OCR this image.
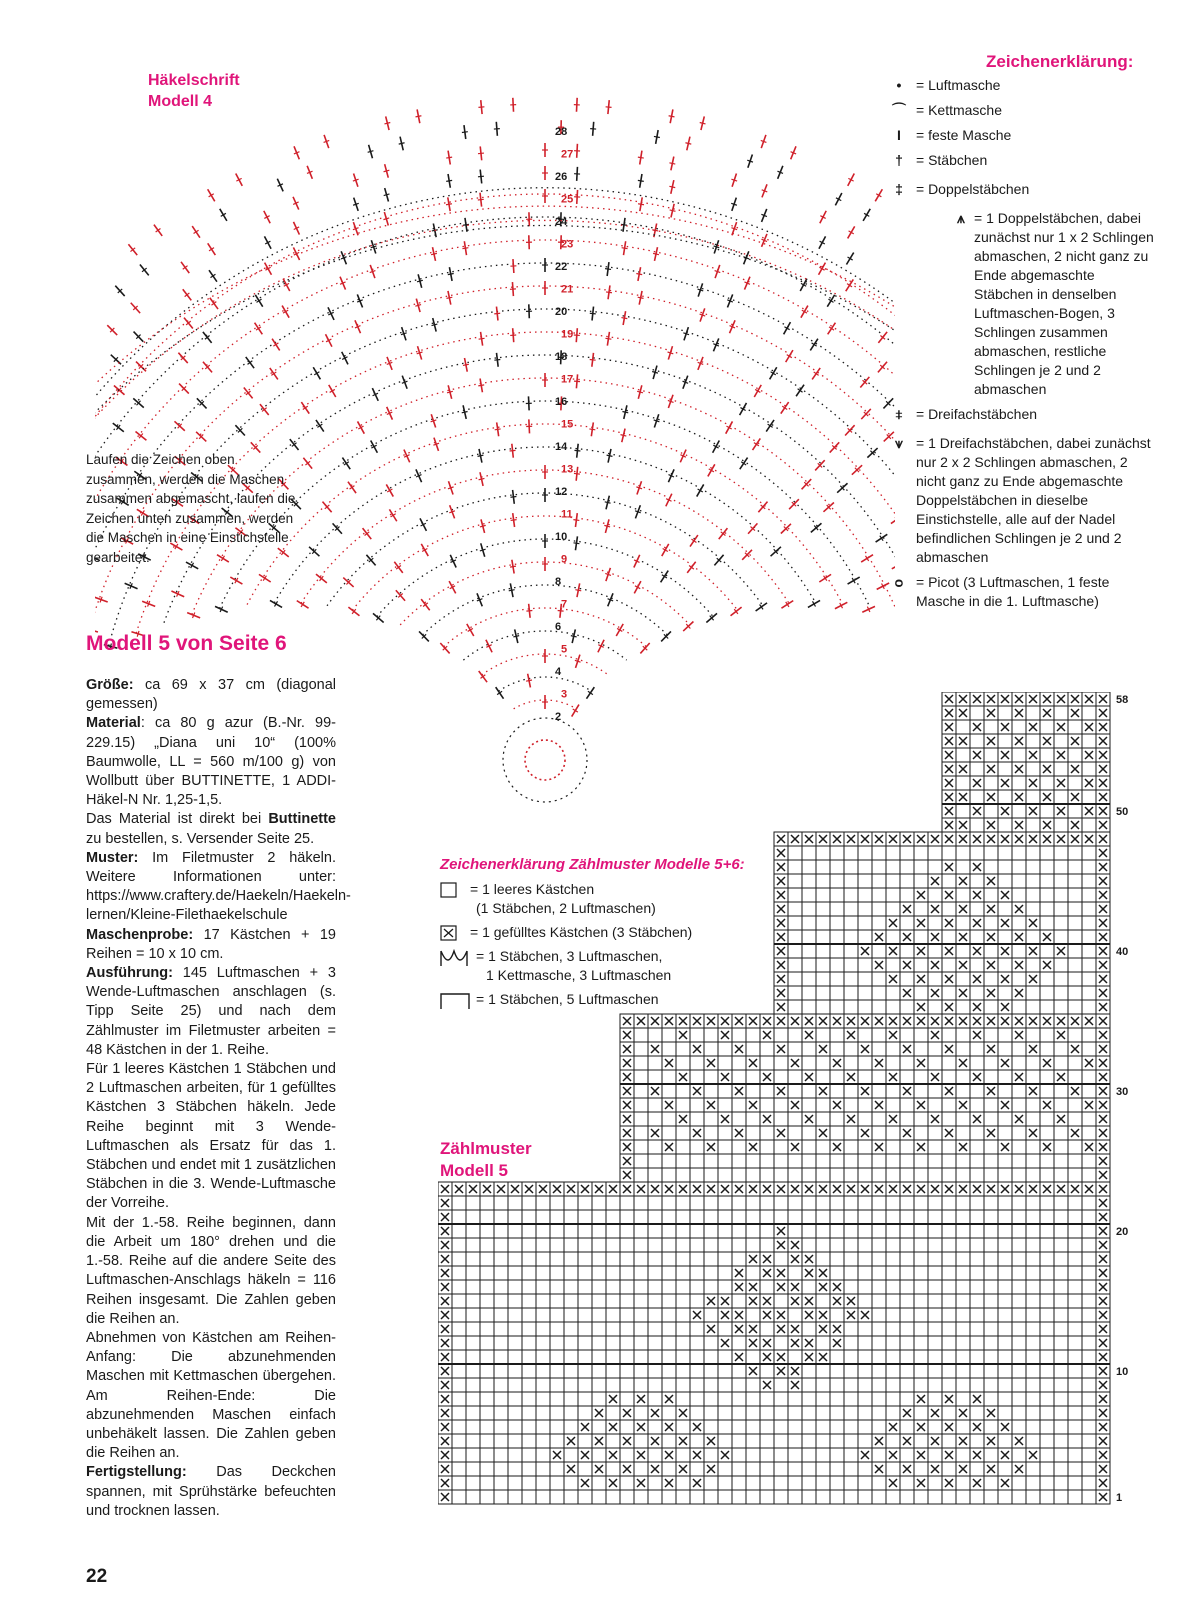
Häkelschrift
Modell 4
28
27
26
25
24
23
22
21
20
19
18
17
16
15
14
13
12
11
10
9
8
7
6
5
4
3
2
Zeichenerklärung:
•	= Luftmasche
⌒ = Kettmasche
I	= feste Masche
† = Stäbchen
‡ = Doppelstäbchen
⩚ = 1 Doppelstäbchen, dabei zunächst nur 1 x 2 Schlingen abmaschen, 2 nicht ganz zu Ende abgemaschte Stäbchen in denselben Luftmaschen-Bogen, 3 Schlingen zusammen abmaschen, restliche Schlingen je 2 und 2 abmaschen
⧧ = Dreifachstäbchen
⩛ = 1 Dreifachstäbchen, dabei zunächst nur 2 x 2 Schlingen abmaschen, 2 nicht ganz zu Ende abgemaschte Doppelstäbchen in dieselbe Einstichstelle, alle auf der Nadel befindlichen Schlingen je 2 und 2 abmaschen
ᴑ = Picot (3 Luftmaschen, 1 feste Masche in die 1. Luftmasche)
Laufen die Zeichen oben zusammen, werden die Maschen zusammen abgemascht, laufen die Zeichen unten zusammen, werden die Maschen in eine Einstichstelle gearbeitet.
Modell 5 von Seite 6

Größe: ca 69 x 37 cm (diagonal gemessen)

Material: ca 80 g azur (B.-Nr. 99-229.15) „Diana uni 10“ (100% Baumwolle, LL = 560 m/100 g) von Wollbutt über BUTTINETTE, 1 ADDI-Häkel-N Nr. 1,25-1,5.

Das Material ist direkt bei Buttinette zu bestellen, s. Versender Seite 25.

Muster: Im Filetmuster 2 häkeln. Weitere Informationen unter: https://www.craftery.de/Haekeln/Haekeln-lernen/Kleine-Filethaekelschule

Maschenprobe: 17 Kästchen + 19 Reihen = 10 x 10 cm.

Ausführung: 145 Luftmaschen + 3 Wende-Luftmaschen anschlagen (s. Tipp Seite 25) und nach dem Zählmuster im Filetmuster arbeiten = 48 Kästchen in der 1. Reihe.

Für 1 leeres Kästchen 1 Stäbchen und 2 Luftmaschen arbeiten, für 1 gefülltes Kästchen 3 Stäbchen häkeln. Jede Reihe beginnt mit 3 Wende-Luftmaschen als Ersatz für das 1. Stäbchen und endet mit 1 zusätzlichen Stäbchen in die 3. Wende-Luftmasche der Vorreihe.

Mit der 1.-58. Reihe beginnen, dann die Arbeit um 180° drehen und die 1.-58. Reihe auf die andere Seite des Luftmaschen-Anschlags häkeln = 116 Reihen insgesamt. Die Zahlen geben die Reihen an.

Abnehmen von Kästchen am Reihen-Anfang: Die abzunehmenden Maschen mit Kettmaschen übergehen. Am Reihen-Ende: Die abzunehmenden Maschen einfach unbehäkelt lassen. Die Zahlen geben die Reihen an.

Fertigstellung: Das Deckchen spannen, mit Sprühstärke befeuchten und trocknen lassen.

Zeichenerklärung Zählmuster Modelle 5+6:
= 1 leeres Kästchen
(1 Stäbchen, 2 Luftmaschen)
= 1 gefülltes Kästchen (3 Stäbchen)
= 1 Stäbchen, 3 Luftmaschen,
1 Kettmasche, 3 Luftmaschen
= 1 Stäbchen, 5 Luftmaschen
Zählmuster
Modell 5
58
50
40
30
20
10
1
22
